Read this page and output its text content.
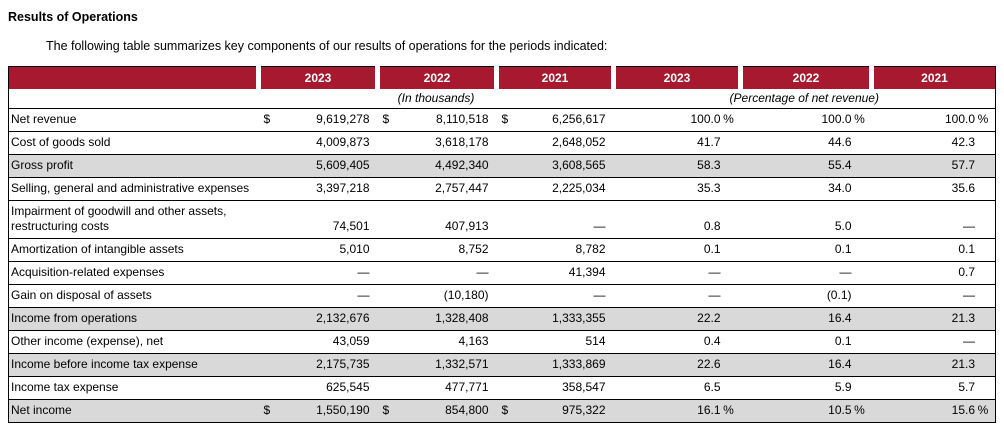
Results of Operations
The following table summarizes key components of our results of operations for the periods indicated:
	2023	2022	2021	2023	2022	2021
	(In thousands)			(Percentage of net revenue)		
Net revenue	$ 9,619,278	$ 8,110,518	$ 6,256,617	100.0 %	100.0 %	100.0 %

Cost of goods sold	4,009,873	3,618,178	2,648,052	41.7	44.6	42.3

Gross profit	5,609,405	4,492,340	3,608,565	58.3	55.4	57.7

Selling, general and administrative expenses	3,397,218	2,757,447	2,225,034	35.3	34.0	35.6

Impairment of goodwill and other assets, restructuring costs	74,501	407,913	—	0.8	5.0	—

Amortization of intangible assets	5,010	8,752	8,782	0.1	0.1	0.1

Acquisition-related expenses	—	—	41,394	—	—	0.7

Gain on disposal of assets	—	(10,180)	—	—	(0.1)	—

Income from operations	2,132,676	1,328,408	1,333,355	22.2	16.4	21.3

Other income (expense), net	43,059	4,163	514	0.4	0.1	—

Income before income tax expense	2,175,735	1,332,571	1,333,869	22.6	16.4	21.3

Income tax expense	625,545	477,771	358,547	6.5	5.9	5.7

Net income	$ 1,550,190	$ 854,800	$ 975,322	16.1 %	10.5 %	15.6 %
